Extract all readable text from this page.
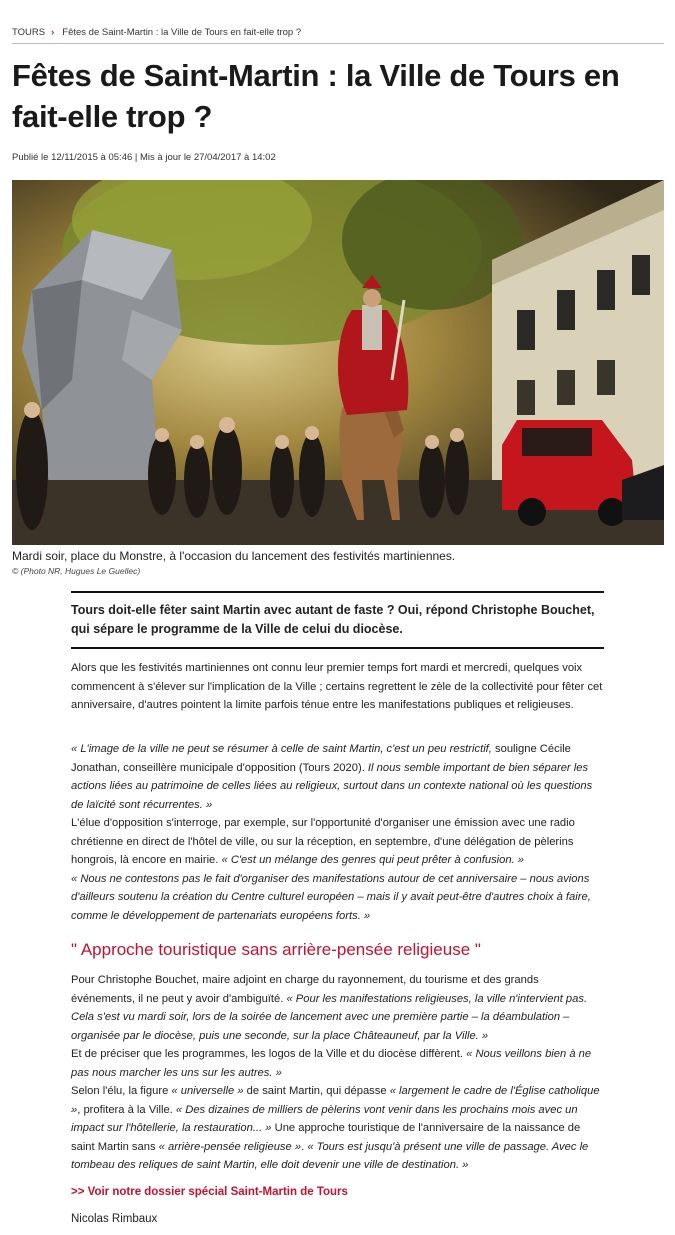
TOURS › Fêtes de Saint-Martin : la Ville de Tours en fait-elle trop ?
Fêtes de Saint-Martin : la Ville de Tours en fait-elle trop ?
Publié le 12/11/2015 à 05:46 | Mis à jour le 27/04/2017 à 14:02
Mardi soir, place du Monstre, à l'occasion du lancement des festivités martiniennes.
© (Photo NR, Hugues Le Guellec)
Tours doit-elle fêter saint Martin avec autant de faste ? Oui, répond Christophe Bouchet, qui sépare le programme de la Ville de celui du diocèse.

Alors que les festivités martiniennes ont connu leur premier temps fort mardi et mercredi, quelques voix commencent à s'élever sur l'implication de la Ville ; certains regrettent le zèle de la collectivité pour fêter cet anniversaire, d'autres pointent la limite parfois ténue entre les manifestations publiques et religieuses.

« L'image de la ville ne peut se résumer à celle de saint Martin, c'est un peu restrictif, souligne Cécile Jonathan, conseillère municipale d'opposition (Tours 2020). Il nous semble important de bien séparer les actions liées au patrimoine de celles liées au religieux, surtout dans un contexte national où les questions de laïcité sont récurrentes. »

L'élue d'opposition s'interroge, par exemple, sur l'opportunité d'organiser une émission avec une radio chrétienne en direct de l'hôtel de ville, ou sur la réception, en septembre, d'une délégation de pèlerins hongrois, là encore en mairie. « C'est un mélange des genres qui peut prêter à confusion. »

« Nous ne contestons pas le fait d'organiser des manifestations autour de cet anniversaire – nous avions d'ailleurs soutenu la création du Centre culturel européen – mais il y avait peut-être d'autres choix à faire, comme le développement de partenariats européens forts. »

" Approche touristique sans arrière-pensée religieuse "

Pour Christophe Bouchet, maire adjoint en charge du rayonnement, du tourisme et des grands événements, il ne peut y avoir d'ambiguïté. « Pour les manifestations religieuses, la ville n'intervient pas. Cela s'est vu mardi soir, lors de la soirée de lancement avec une première partie – la déambulation – organisée par le diocèse, puis une seconde, sur la place Châteauneuf, par la Ville. »

Et de préciser que les programmes, les logos de la Ville et du diocèse diffèrent. « Nous veillons bien à ne pas nous marcher les uns sur les autres. »

Selon l'élu, la figure « universelle » de saint Martin, qui dépasse « largement le cadre de l'Église catholique », profitera à la Ville. « Des dizaines de milliers de pèlerins vont venir dans les prochains mois avec un impact sur l'hôtellerie, la restauration... » Une approche touristique de l'anniversaire de la naissance de saint Martin sans « arrière-pensée religieuse ». « Tours est jusqu'à présent une ville de passage. Avec le tombeau des reliques de saint Martin, elle doit devenir une ville de destination. »

>> Voir notre dossier spécial Saint-Martin de Tours
Nicolas Rimbaux
